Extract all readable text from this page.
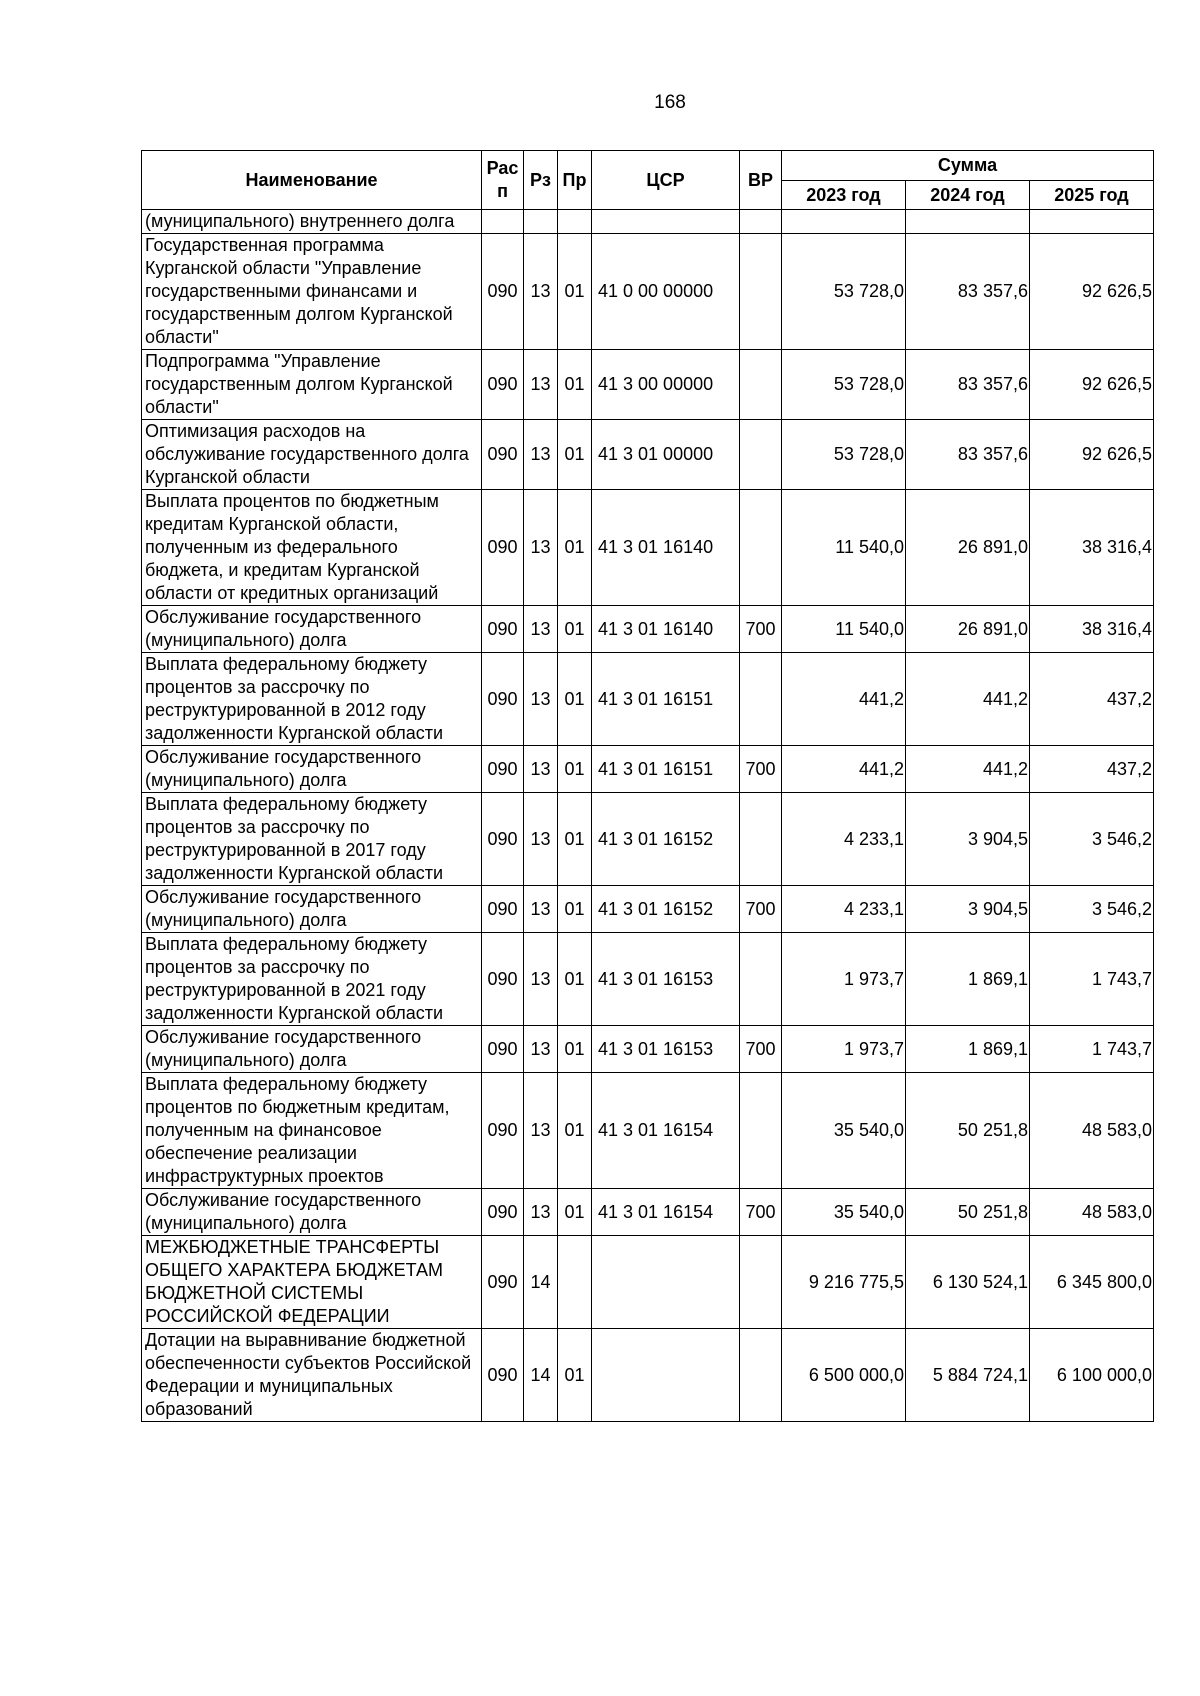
168
Наименование	Рас п	Рз	Пр	ЦСР	ВР	Сумма		
						2023 год	2024 год	2025 год
(муниципального) внутреннего долга								
Государственная программа Курганской области "Управление государственными финансами и государственным долгом Курганской области"	090	13	01	41 0 00 00000		53 728,0	83 357,6	92 626,5
Подпрограмма "Управление государственным долгом Курганской области"	090	13	01	41 3 00 00000		53 728,0	83 357,6	92 626,5
Оптимизация расходов на обслуживание государственного долга Курганской области	090	13	01	41 3 01 00000		53 728,0	83 357,6	92 626,5
Выплата процентов по бюджетным кредитам Курганской области, полученным из федерального бюджета, и кредитам Курганской области от кредитных организаций	090	13	01	41 3 01 16140		11 540,0	26 891,0	38 316,4
Обслуживание государственного (муниципального) долга	090	13	01	41 3 01 16140	700	11 540,0	26 891,0	38 316,4
Выплата федеральному бюджету процентов за рассрочку по реструктурированной в 2012 году задолженности Курганской области	090	13	01	41 3 01 16151		441,2	441,2	437,2
Обслуживание государственного (муниципального) долга	090	13	01	41 3 01 16151	700	441,2	441,2	437,2
Выплата федеральному бюджету процентов за рассрочку по реструктурированной в 2017 году задолженности Курганской области	090	13	01	41 3 01 16152		4 233,1	3 904,5	3 546,2
Обслуживание государственного (муниципального) долга	090	13	01	41 3 01 16152	700	4 233,1	3 904,5	3 546,2
Выплата федеральному бюджету процентов за рассрочку по реструктурированной в 2021 году задолженности Курганской области	090	13	01	41 3 01 16153		1 973,7	1 869,1	1 743,7
Обслуживание государственного (муниципального) долга	090	13	01	41 3 01 16153	700	1 973,7	1 869,1	1 743,7
Выплата федеральному бюджету процентов по бюджетным кредитам, полученным на финансовое обеспечение реализации инфраструктурных проектов	090	13	01	41 3 01 16154		35 540,0	50 251,8	48 583,0
Обслуживание государственного (муниципального) долга	090	13	01	41 3 01 16154	700	35 540,0	50 251,8	48 583,0
МЕЖБЮДЖЕТНЫЕ ТРАНСФЕРТЫ ОБЩЕГО ХАРАКТЕРА БЮДЖЕТАМ БЮДЖЕТНОЙ СИСТЕМЫ РОССИЙСКОЙ ФЕДЕРАЦИИ	090	14				9 216 775,5	6 130 524,1	6 345 800,0
Дотации на выравнивание бюджетной обеспеченности субъектов Российской Федерации и муниципальных образований	090	14	01			6 500 000,0	5 884 724,1	6 100 000,0
